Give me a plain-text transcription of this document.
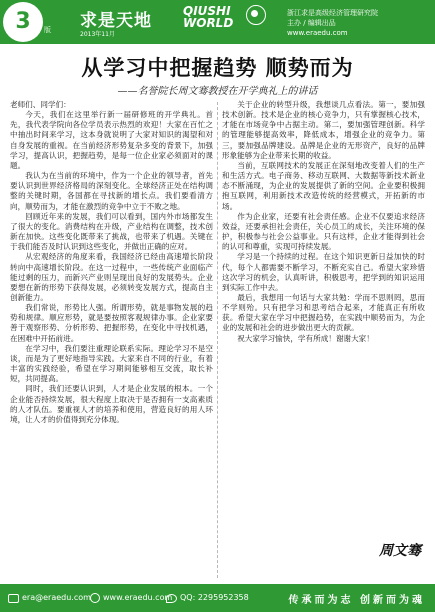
3 版 求是天地
2013年11月
QIUSHI
WORLD
浙江求是高级经济管理研究院
主办 / 编辑出品
www.eraedu.com
从学习中把握趋势 顺势而为
——名誉院长周文骞教授在开学典礼上的讲话

老师们、同学们：

今天，我们在这里举行新一届研修班的开学典礼。首先，我代表学院向各位学员表示热烈的欢迎！大家在百忙之中抽出时间来学习，这本身就说明了大家对知识的渴望和对自身发展的重视。在当前经济形势复杂多变的背景下，加强学习，提高认识，把握趋势，是每一位企业家必须面对的课题。

我认为在当前的环境中，作为一个企业的领导者，首先要认识到世界经济格局的深刻变化。全球经济正处在结构调整的关键时期，各国都在寻找新的增长点。我们要看清方向，顺势而为，才能在激烈的竞争中立于不败之地。

回顾近年来的发展，我们可以看到，国内外市场都发生了很大的变化。消费结构在升级，产业结构在调整，技术创新在加快。这些变化既带来了挑战，也带来了机遇。关键在于我们能否及时认识到这些变化，并做出正确的应对。

从宏观经济的角度来看，我国经济已经由高速增长阶段转向中高速增长阶段。在这一过程中，一些传统产业面临产能过剩的压力，而新兴产业则呈现出良好的发展势头。企业要想在新的形势下获得发展，必须转变发展方式，提高自主创新能力。

我们常说，形势比人强。所谓形势，就是事物发展的趋势和规律。顺应形势，就是要按照客观规律办事。企业家要善于观察形势、分析形势、把握形势，在变化中寻找机遇，在困难中开拓前进。

在学习中，我们要注重理论联系实际。理论学习不是空谈，而是为了更好地指导实践。大家来自不同的行业，有着丰富的实践经验，希望在学习期间能够相互交流，取长补短，共同提高。

同时，我们还要认识到，人才是企业发展的根本。一个企业能否持续发展，很大程度上取决于是否拥有一支高素质的人才队伍。要重视人才的培养和使用，营造良好的用人环境，让人才的价值得到充分体现。

关于企业的转型升级，我想谈几点看法。第一，要加强技术创新。技术是企业的核心竞争力，只有掌握核心技术，才能在市场竞争中占据主动。第二，要加强管理创新。科学的管理能够提高效率，降低成本，增强企业的竞争力。第三，要加强品牌建设。品牌是企业的无形资产，良好的品牌形象能够为企业带来长期的收益。

当前，互联网技术的发展正在深刻地改变着人们的生产和生活方式。电子商务、移动互联网、大数据等新技术新业态不断涌现，为企业的发展提供了新的空间。企业要积极拥抱互联网，利用新技术改造传统的经营模式，开拓新的市场。

作为企业家，还要有社会责任感。企业不仅要追求经济效益，还要承担社会责任，关心员工的成长，关注环境的保护，积极参与社会公益事业。只有这样，企业才能得到社会的认可和尊重，实现可持续发展。

学习是一个持续的过程。在这个知识更新日益加快的时代，每个人都需要不断学习，不断充实自己。希望大家珍惜这次学习的机会，认真听讲，积极思考，把学到的知识运用到实际工作中去。

最后，我想用一句话与大家共勉：学而不思则罔，思而不学则殆。只有把学习和思考结合起来，才能真正有所收获。希望大家在学习中把握趋势，在实践中顺势而为，为企业的发展和社会的进步做出更大的贡献。

祝大家学习愉快，学有所成！谢谢大家！

周文骞
era@eraedu.com www.eraedu.com QQ: 2295952358	传承而为志 创新而为魂
